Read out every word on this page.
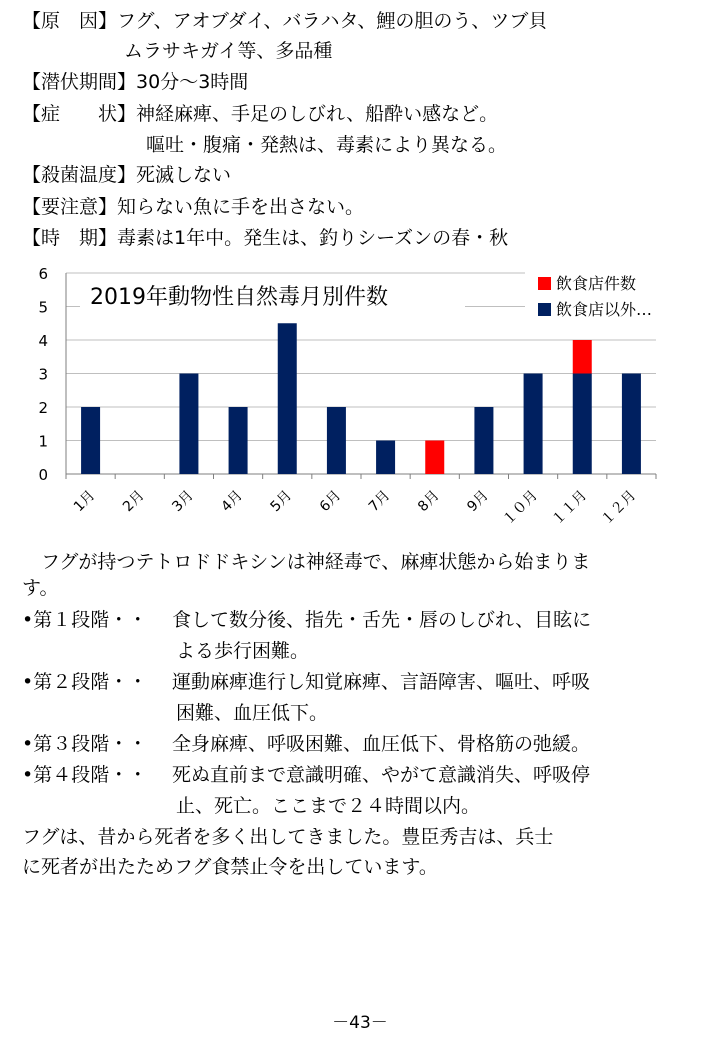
【原　因】フグ、アオブダイ、バラハタ、鯉の胆のう、ツブ貝
ムラサキガイ等、多品種
【潜伏期間】30分～3時間
【症　　状】神経麻痺、手足のしびれ、船酔い感など。
嘔吐・腹痛・発熱は、毒素により異なる。
【殺菌温度】死滅しない
【要注意】知らない魚に手を出さない。
【時　期】毒素は1年中。発生は、釣りシーズンの春・秋
0
1
2
3
4
5
6
1月 2月 3月 4月 5月 6月 7月 8月 9月 １０月 １１月 １２月
2019年動物性自然毒月別件数
飲食店件数
飲食店以外…
　フグが持つテトロドドキシンは神経毒で、麻痺状態から始まりま
す。
•第１段階・・ 食して数分後、指先・舌先・唇のしびれ、目眩に
よる歩行困難。
•第２段階・・ 運動麻痺進行し知覚麻痺、言語障害、嘔吐、呼吸
困難、血圧低下。
•第３段階・・ 全身麻痺、呼吸困難、血圧低下、骨格筋の弛緩。
•第４段階・・ 死ぬ直前まで意識明確、やがて意識消失、呼吸停
止、死亡。ここまで２４時間以内。
フグは、昔から死者を多く出してきました。豊臣秀吉は、兵士
に死者が出たためフグ食禁止令を出しています。
－43－
